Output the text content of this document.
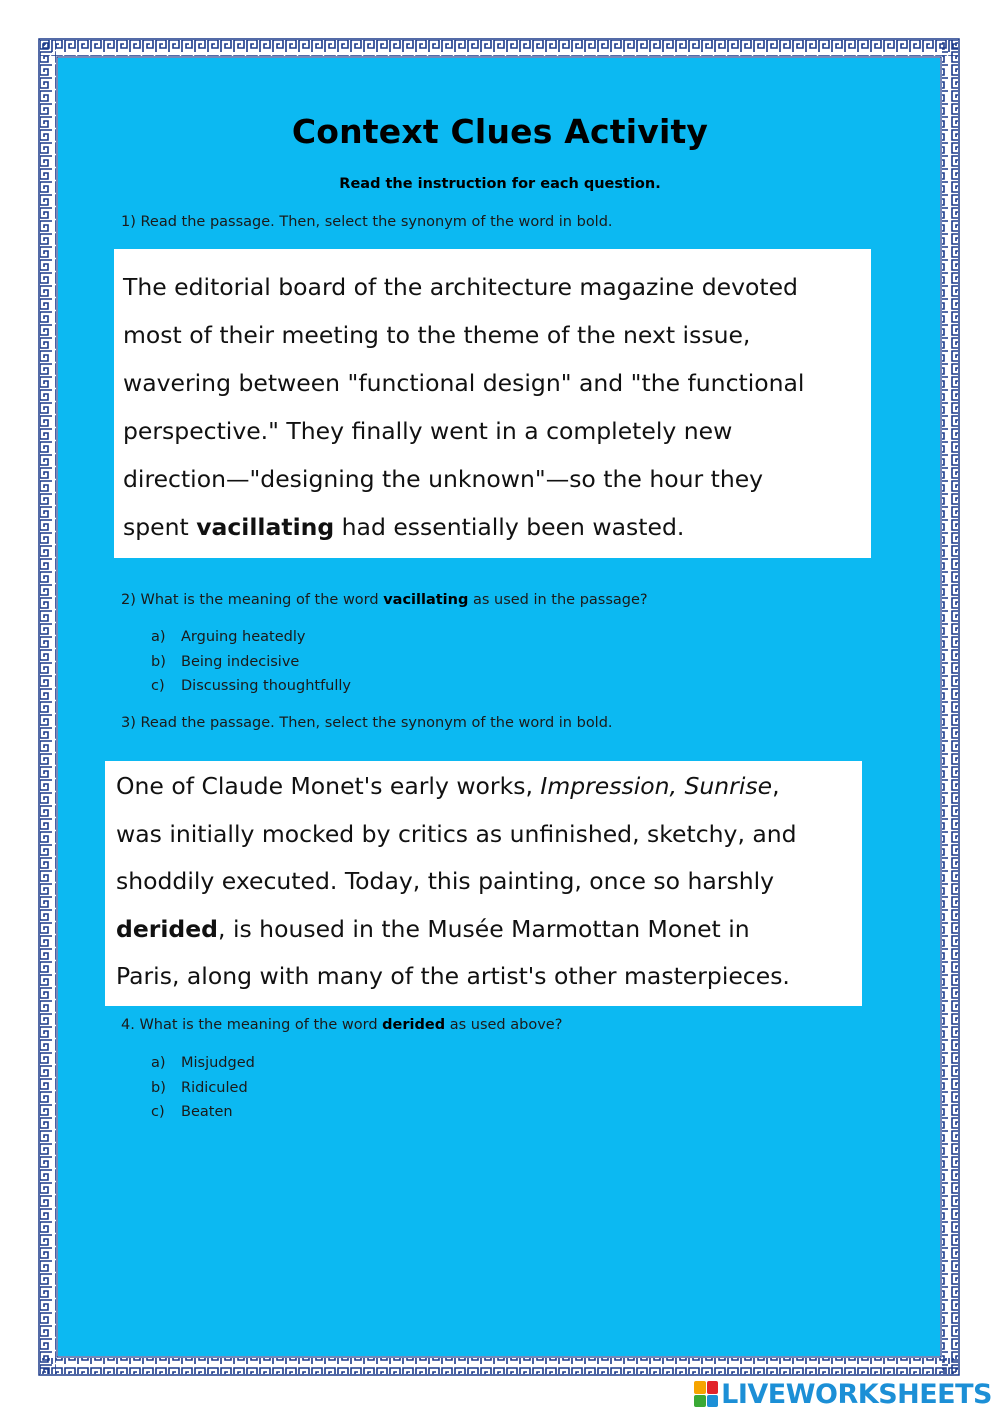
Context Clues Activity
Read the instruction for each question.
1) Read the passage. Then, select the synonym of the word in bold.
The editorial board of the architecture magazine devoted
most of their meeting to the theme of the next issue,
wavering between "functional design" and "the functional
perspective." They finally went in a completely new
direction—"designing the unknown"—so the hour they
spent vacillating had essentially been wasted.
2) What is the meaning of the word vacillating as used in the passage?
a) Arguing heatedly
b) Being indecisive
c) Discussing thoughtfully
3) Read the passage. Then, select the synonym of the word in bold.
One of Claude Monet's early works, Impression, Sunrise,
was initially mocked by critics as unfinished, sketchy, and
shoddily executed. Today, this painting, once so harshly
derided, is housed in the Musée Marmottan Monet in
Paris, along with many of the artist's other masterpieces.
4. What is the meaning of the word derided as used above?
a) Misjudged
b) Ridiculed
c) Beaten
LIVEWORKSHEETS
